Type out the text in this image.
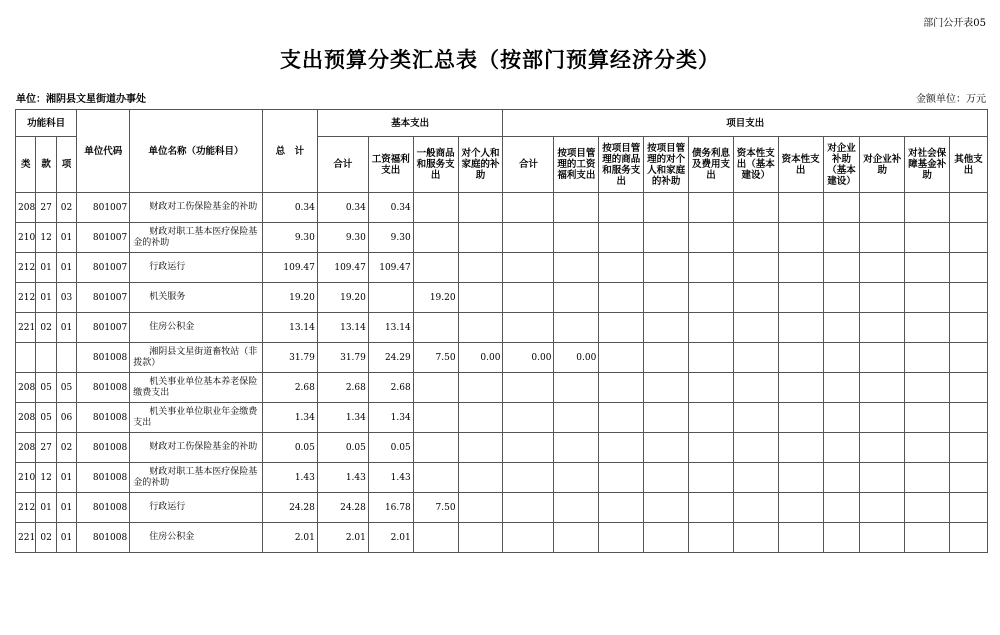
部门公开表05
支出预算分类汇总表（按部门预算经济分类）
单位：湘阴县文星街道办事处	金额单位：万元
功能科目			单位代码	单位名称（功能科目）	总　计	基本支出				项目支出										
类	款	项				合计	工资福利支出	一般商品和服务支出	对个人和家庭的补助	合计	按项目管理的工资福利支出	按项目管理的商品和服务支出	按项目管理的对个人和家庭的补助	债务利息及费用支出	资本性支出（基本建设）	资本性支出	对企业补助（基本建设）	对企业补助	对社会保障基金补助	其他支出
208	27	02	801007	财政对工伤保险基金的补助	0.34	0.34	0.34													
210	12	01	801007	财政对职工基本医疗保险基金的补助	9.30	9.30	9.30													
212	01	01	801007	行政运行	109.47	109.47	109.47													
212	01	03	801007	机关服务	19.20	19.20		19.20												
221	02	01	801007	住房公积金	13.14	13.14	13.14													
			801008	湘阴县文星街道畜牧站（非拨款）	31.79	31.79	24.29	7.50	0.00	0.00	0.00									
208	05	05	801008	机关事业单位基本养老保险缴费支出	2.68	2.68	2.68													
208	05	06	801008	机关事业单位职业年金缴费支出	1.34	1.34	1.34													
208	27	02	801008	财政对工伤保险基金的补助	0.05	0.05	0.05													
210	12	01	801008	财政对职工基本医疗保险基金的补助	1.43	1.43	1.43													
212	01	01	801008	行政运行	24.28	24.28	16.78	7.50												
221	02	01	801008	住房公积金	2.01	2.01	2.01													
